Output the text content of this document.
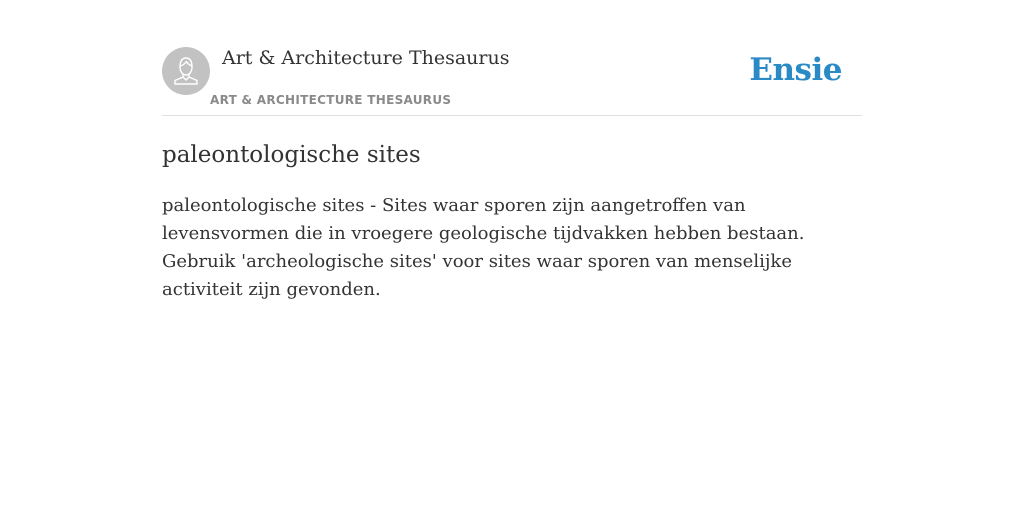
Art & Architecture Thesaurus
ART & ARCHITECTURE THESAURUS
Ensie
paleontologische sites

paleontologische sites - Sites waar sporen zijn aangetroffen van levensvormen die in vroegere geologische tijdvakken hebben bestaan. Gebruik 'archeologische sites' voor sites waar sporen van menselijke activiteit zijn gevonden.
